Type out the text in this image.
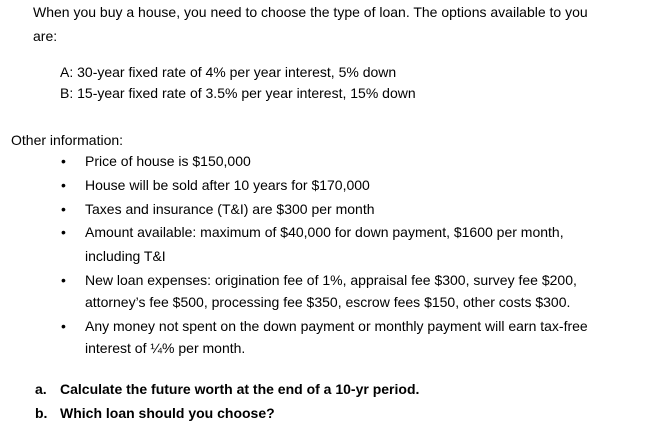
When you buy a house, you need to choose the type of loan. The options available to you
are:
A: 30-year fixed rate of 4% per year interest, 5% down
B: 15-year fixed rate of 3.5% per year interest, 15% down
Other information:
•	Price of house is $150,000
•	House will be sold after 10 years for $170,000
•	Taxes and insurance (T&I) are $300 per month
•	Amount available: maximum of $40,000 for down payment, $1600 per month,
including T&I
•	New loan expenses: origination fee of 1%, appraisal fee $300, survey fee $200,
attorney’s fee $500, processing fee $350, escrow fees $150, other costs $300.
•	Any money not spent on the down payment or monthly payment will earn tax-free
interest of ¼% per month.
a. Calculate the future worth at the end of a 10-yr period.
b. Which loan should you choose?
